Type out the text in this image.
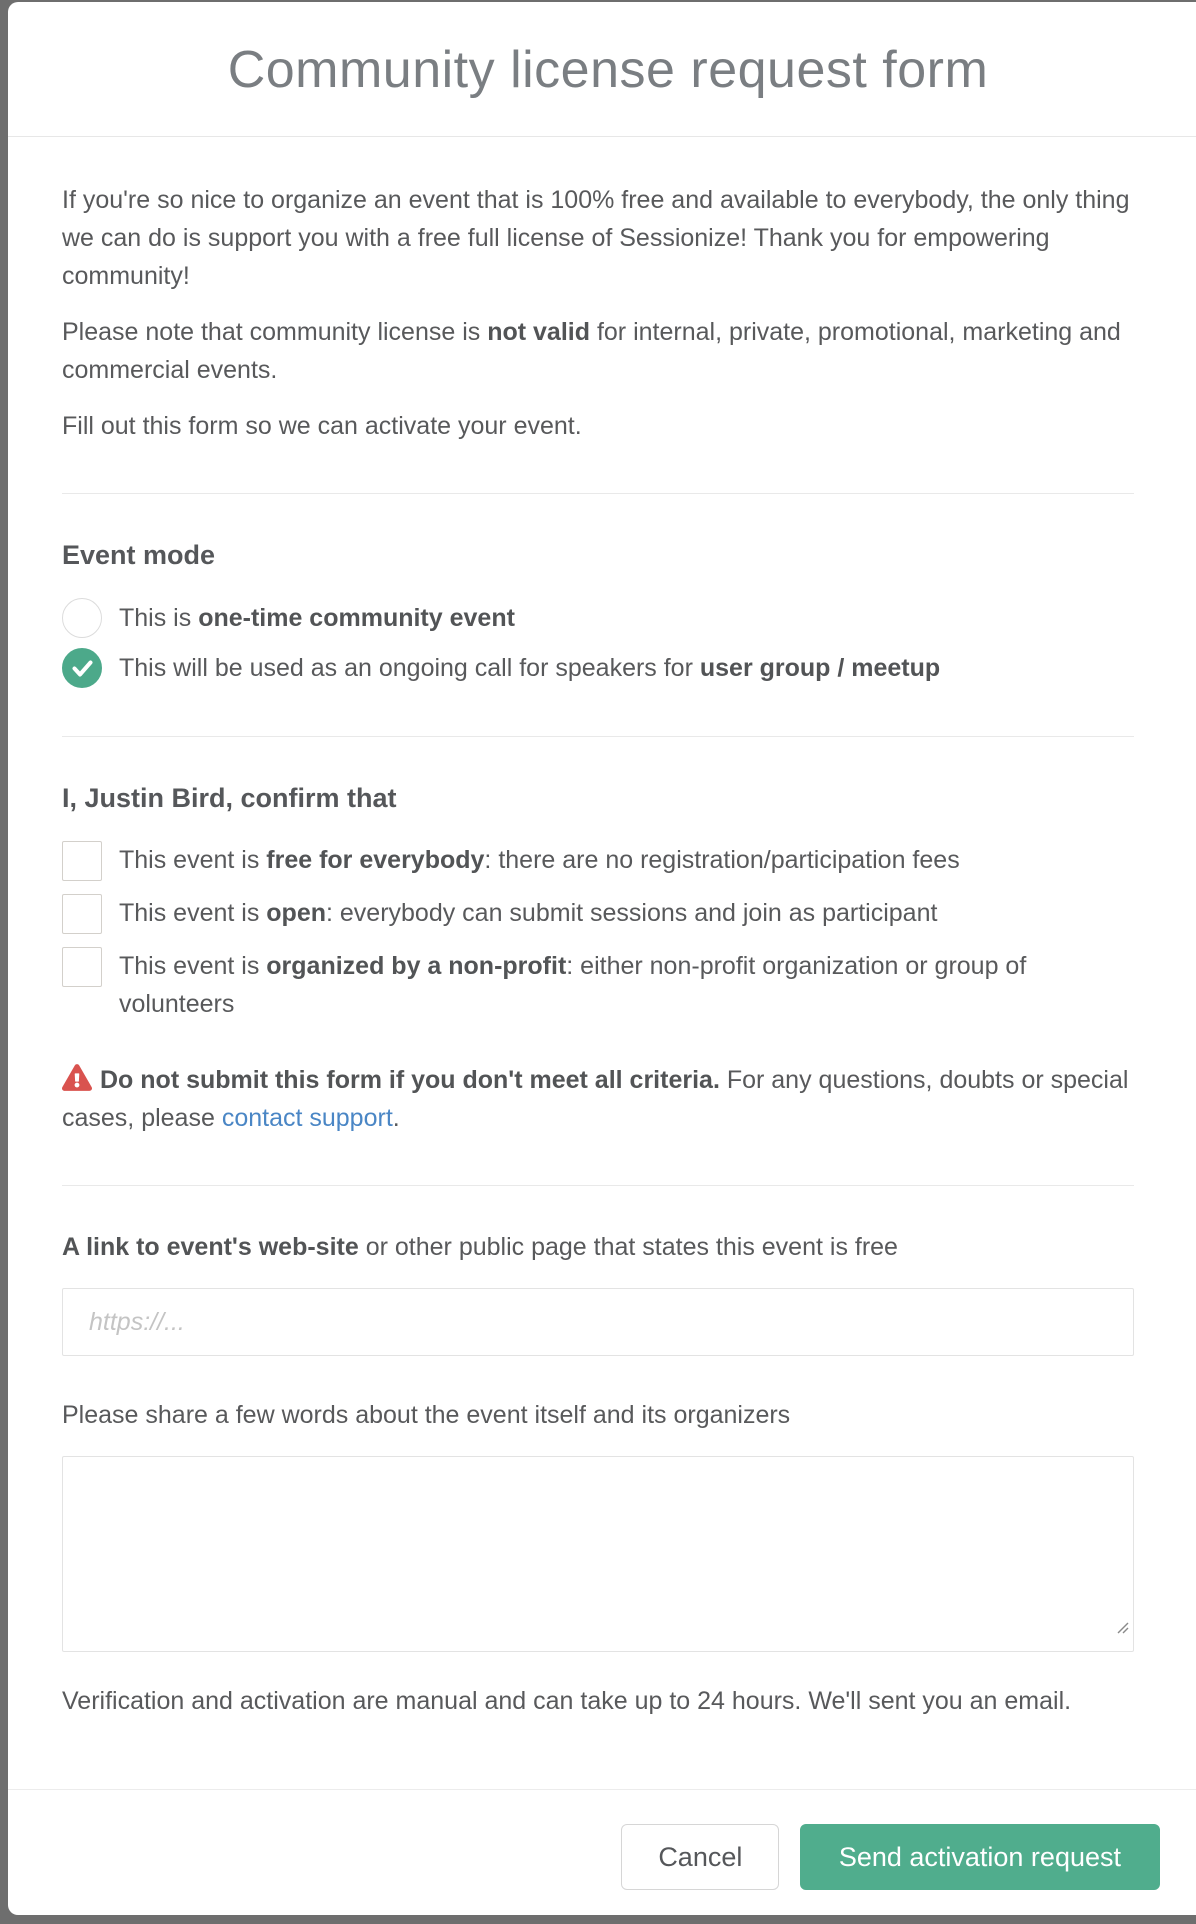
Community license request form

If you're so nice to organize an event that is 100% free and available to everybody, the only thing we can do is support you with a free full license of Sessionize! Thank you for empowering community!

Please note that community license is not valid for internal, private, promotional, marketing and commercial events.

Fill out this form so we can activate your event.

Event mode
This is one-time community event
This will be used as an ongoing call for speakers for user group / meetup
I, Justin Bird, confirm that
This event is free for everybody: there are no registration/participation fees
This event is open: everybody can submit sessions and join as participant
This event is organized by a non-profit: either non-profit organization or group of volunteers

Do not submit this form if you don't meet all criteria. For any questions, doubts or special cases, please contact support.

A link to event's web-site or other public page that states this event is free

https://...

Please share a few words about the event itself and its organizers

Verification and activation are manual and can take up to 24 hours. We'll sent you an email.

Cancel	Send activation request
